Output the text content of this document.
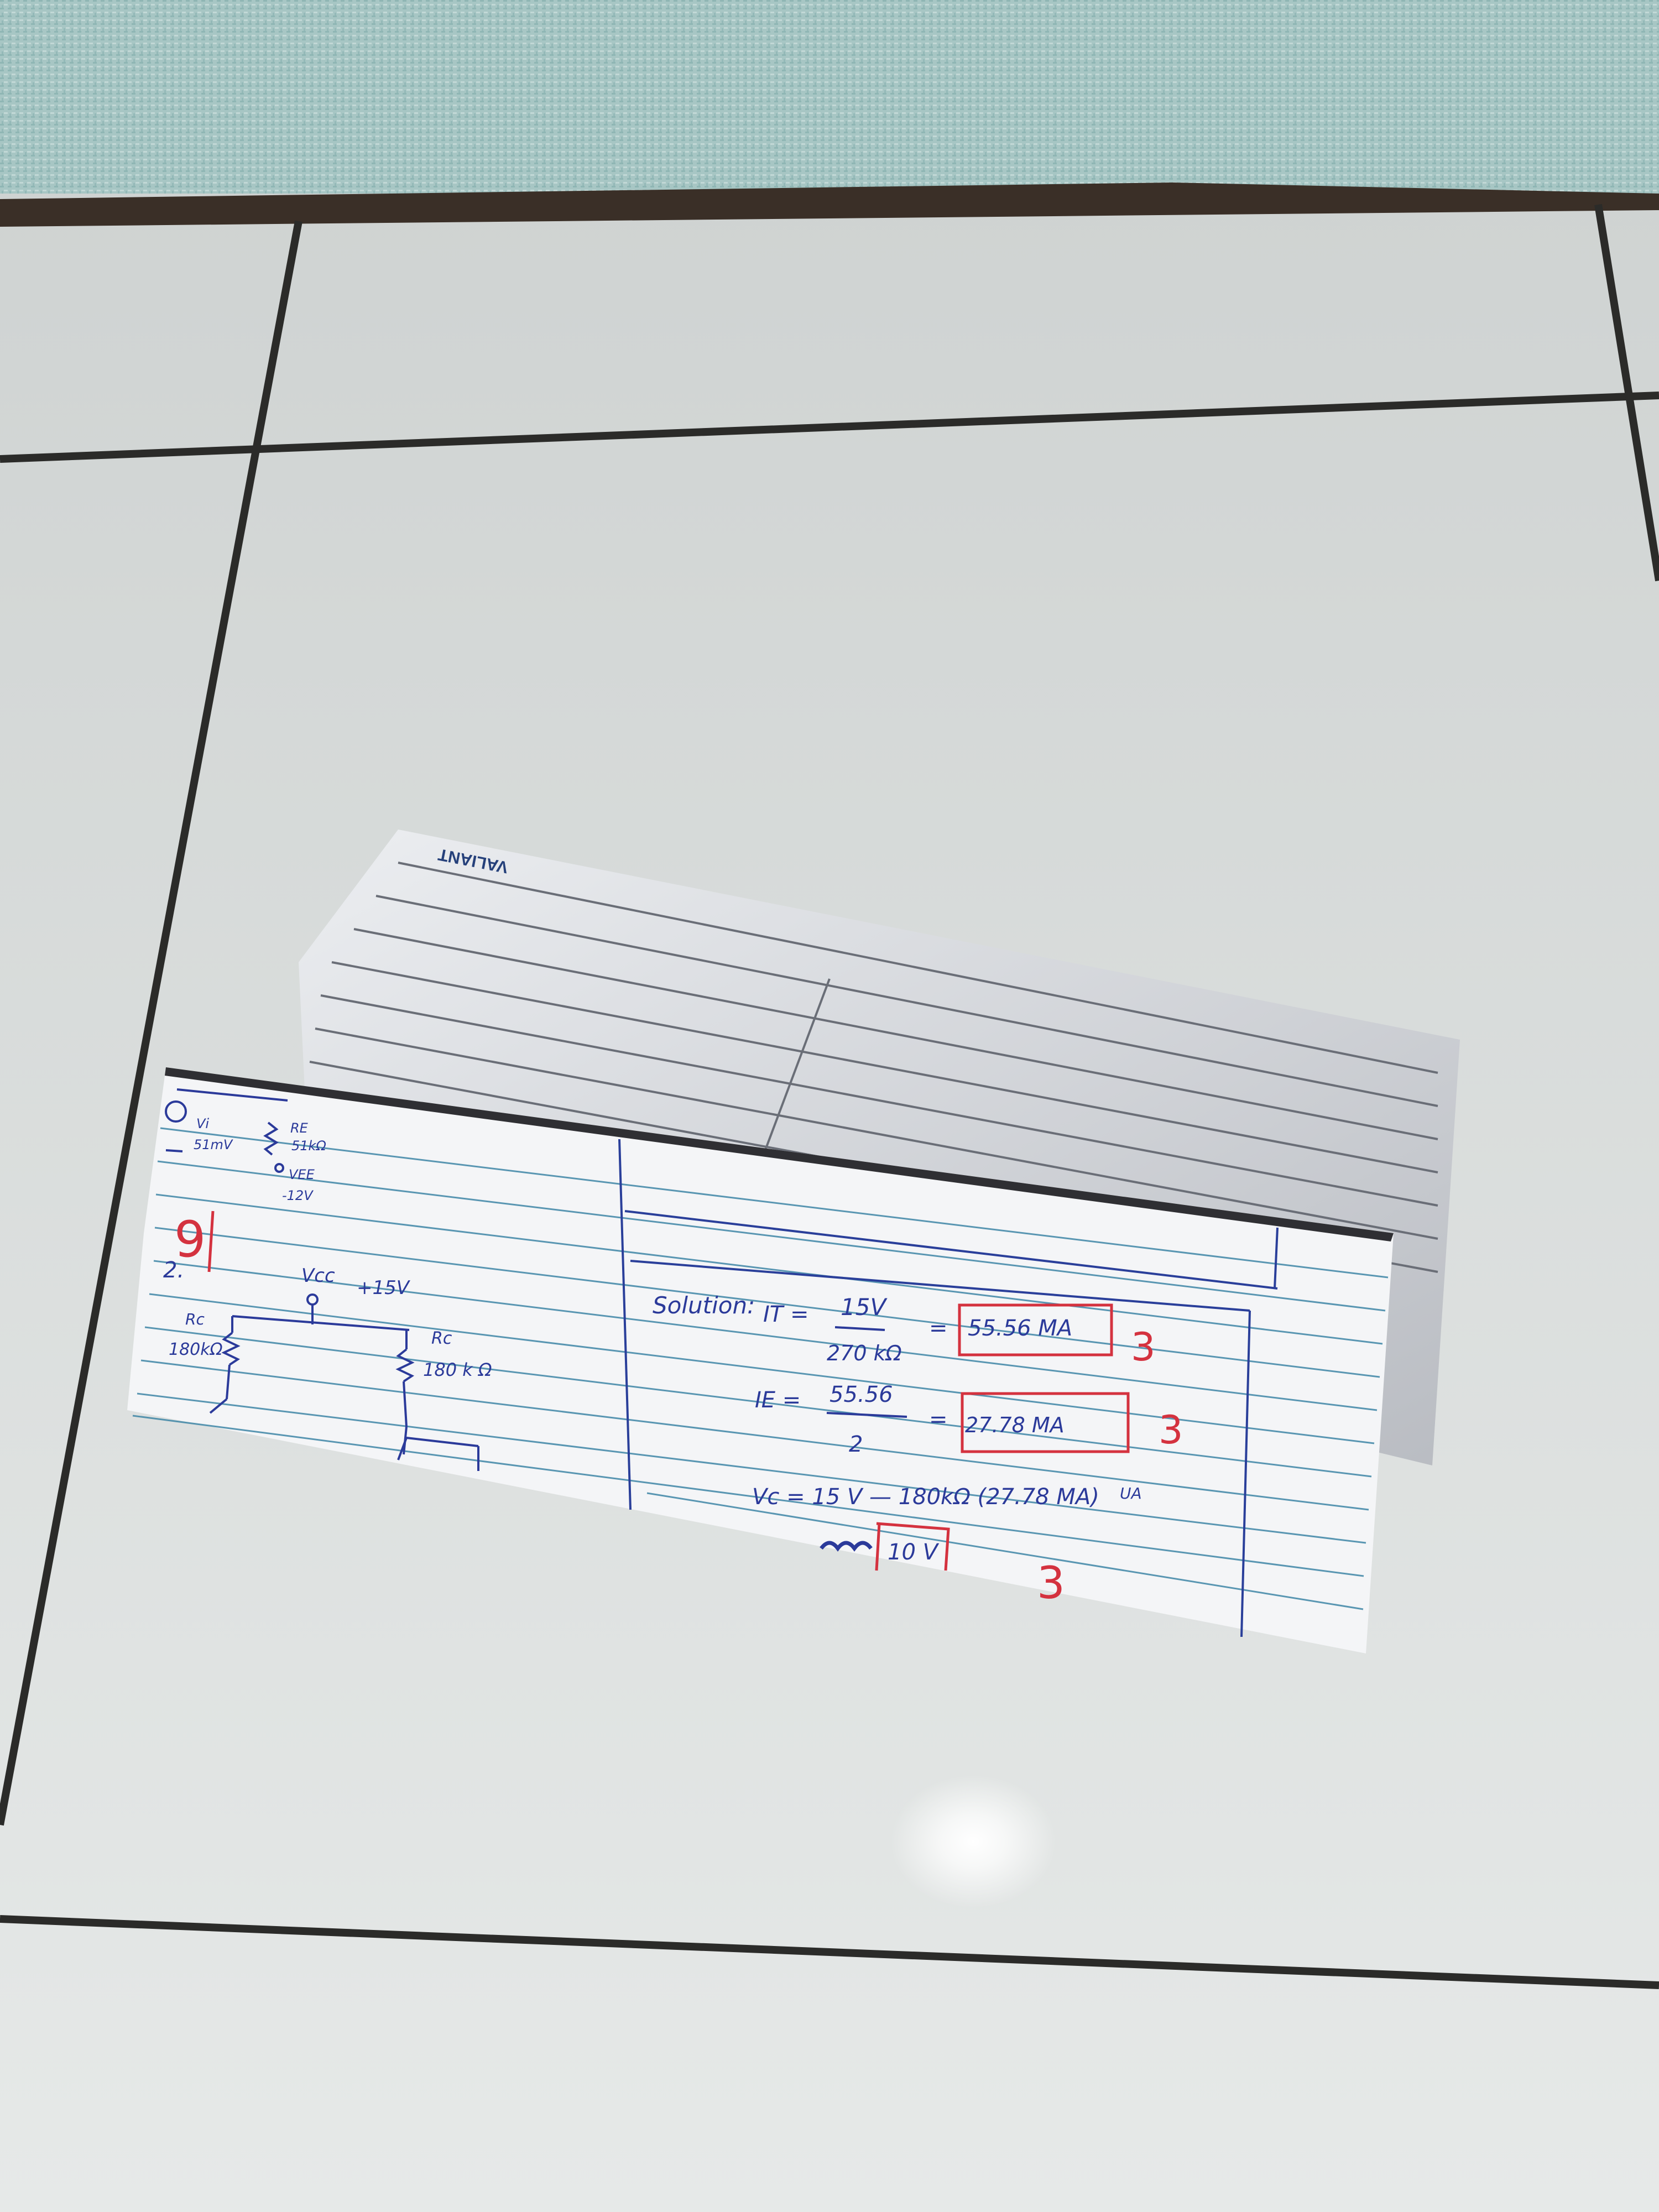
VALIANT
Vi
51mV
RE
51kΩ
VEE
-12V
9
2.	Vcc
+15V
Rc
180kΩ
Rc
180 k Ω
Solution: IT = 15V
270 kΩ
= 55.56 MA
IE = 55.56
2
= 27.78 MA
Vc = 15 V — 180kΩ (27.78 MA) UA
10 V
3
3
3
